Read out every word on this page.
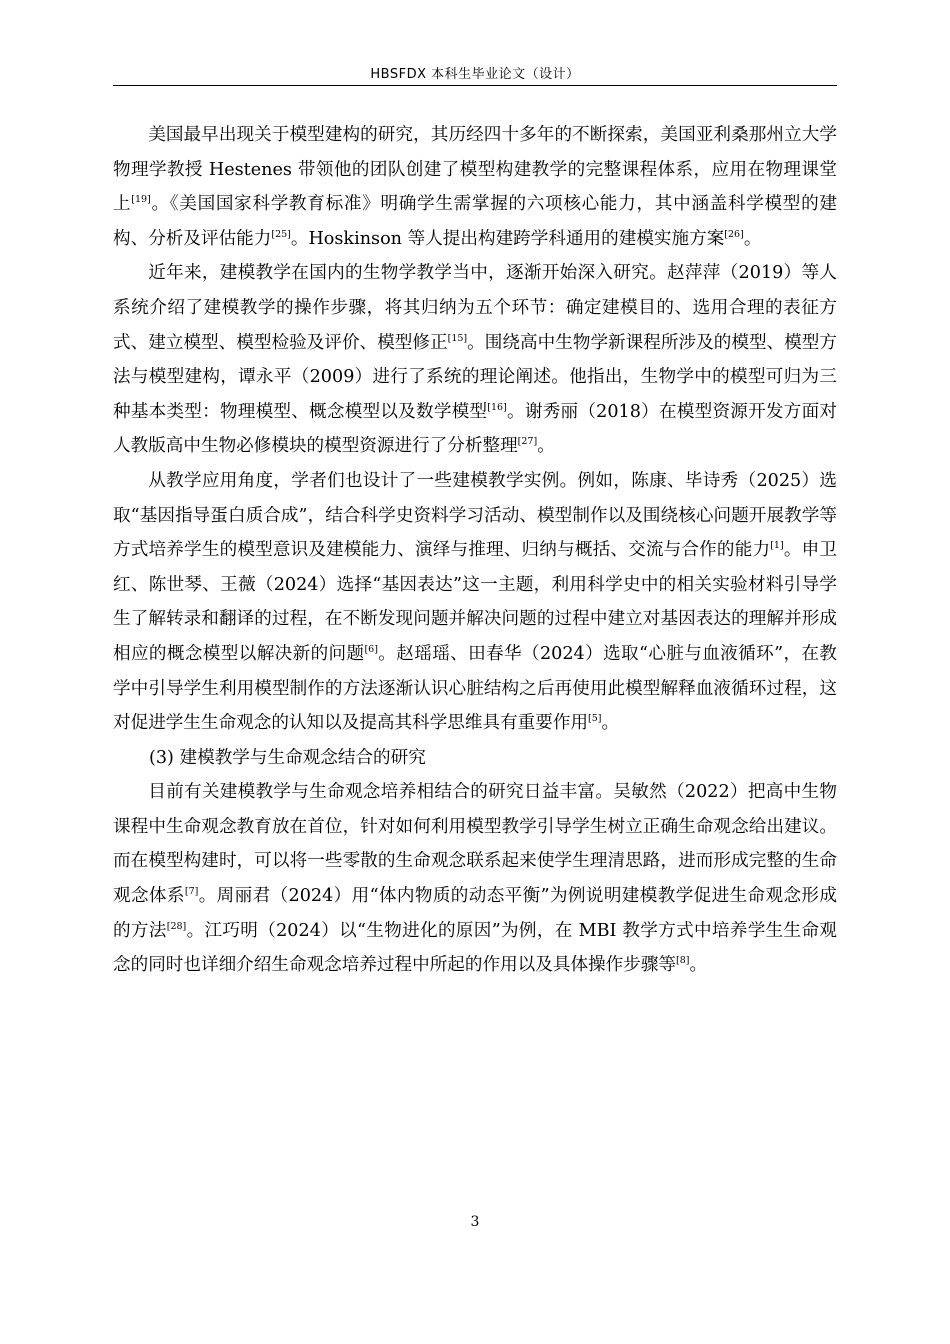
HBSFDX 本科生毕业论文（设计）

美国最早出现关于模型建构的研究，其历经四十多年的不断探索，美国亚利桑那州立大学物理学教授 Hestenes 带领他的团队创建了模型构建教学的完整课程体系，应用在物理课堂上[19]。《美国国家科学教育标准》明确学生需掌握的六项核心能力，其中涵盖科学模型的建构、分析及评估能力[25]。Hoskinson 等人提出构建跨学科通用的建模实施方案[26]。

近年来，建模教学在国内的生物学教学当中，逐渐开始深入研究。赵萍萍（2019）等人系统介绍了建模教学的操作步骤，将其归纳为五个环节：确定建模目的、选用合理的表征方式、建立模型、模型检验及评价、模型修正[15]。围绕高中生物学新课程所涉及的模型、模型方法与模型建构，谭永平（2009）进行了系统的理论阐述。他指出，生物学中的模型可归为三种基本类型：物理模型、概念模型以及数学模型[16]。谢秀丽（2018）在模型资源开发方面对人教版高中生物必修模块的模型资源进行了分析整理[27]。

从教学应用角度，学者们也设计了一些建模教学实例。例如，陈康、毕诗秀（2025）选取“基因指导蛋白质合成”，结合科学史资料学习活动、模型制作以及围绕核心问题开展教学等方式培养学生的模型意识及建模能力、演绎与推理、归纳与概括、交流与合作的能力[1]。申卫红、陈世琴、王薇（2024）选择“基因表达”这一主题，利用科学史中的相关实验材料引导学生了解转录和翻译的过程，在不断发现问题并解决问题的过程中建立对基因表达的理解并形成相应的概念模型以解决新的问题[6]。赵瑶瑶、田春华（2024）选取“心脏与血液循环”，在教学中引导学生利用模型制作的方法逐渐认识心脏结构之后再使用此模型解释血液循环过程，这对促进学生生命观念的认知以及提高其科学思维具有重要作用[5]。

(3) 建模教学与生命观念结合的研究

目前有关建模教学与生命观念培养相结合的研究日益丰富。吴敏然（2022）把高中生物课程中生命观念教育放在首位，针对如何利用模型教学引导学生树立正确生命观念给出建议。而在模型构建时，可以将一些零散的生命观念联系起来使学生理清思路，进而形成完整的生命观念体系[7]。周丽君（2024）用“体内物质的动态平衡”为例说明建模教学促进生命观念形成的方法[28]。江巧明（2024）以“生物进化的原因”为例，在 MBI 教学方式中培养学生生命观念的同时也详细介绍生命观念培养过程中所起的作用以及具体操作步骤等[8]。

3
